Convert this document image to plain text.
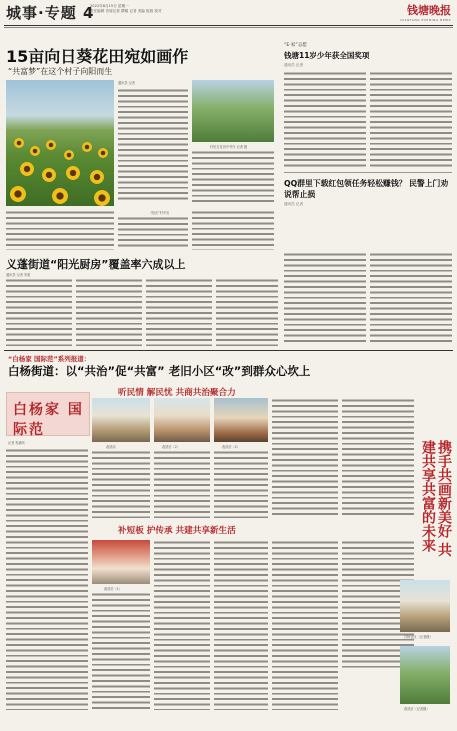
城事·专题 4
2022年8月15日 星期一
责任编辑 首席记者 撰稿 记者 美编 组版 校对	钱塘晚报
QIANTANG EVENING NEWS
15亩向日葵花田宛如画作
“共富梦”在这个村子向阳而生
通讯员 记者
村民在花田中劳作 记者 摄
“阳光”村中央
“E·家”志愿
钱塘11岁少年获全国奖项
通讯员 记者
QQ群里下载红包领任务轻松赚钱？ 民警上门劝说帮止损
通讯员 记者
义蓬街道“阳光厨房”覆盖率六成以上
通讯员 记者 朱航
“白杨家 国际范”系列报道：
白杨街道：以“共治”促“共富” 老旧小区“改”到群众心坎上
白杨家 国际范
记者 郭满庆
听民情 解民忧 共商共治聚合力
改造前	改造后（2）	改造后（2）	携手共画新美好 共建共享共富的未来
补短板 护传承 共建共享新生活
改造后（1）
白杨社区（记者摄）
改造后（记者摄）
